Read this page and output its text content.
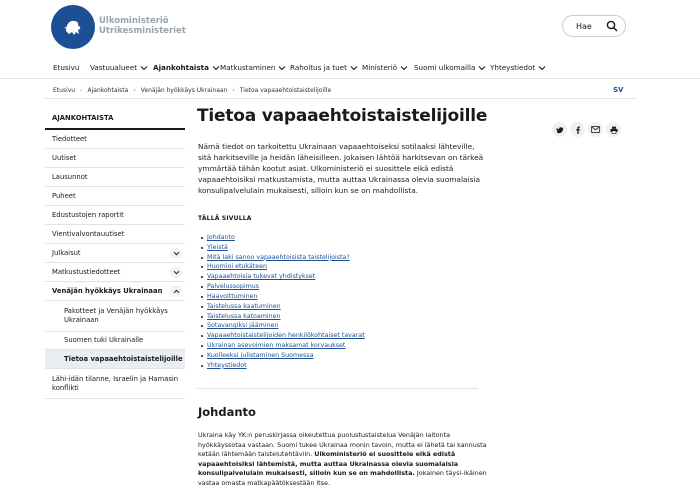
Ulkoministeriö
Utrikesministeriet	Hae
Etusivu Vastuualueet Ajankohtaista Matkustaminen Rahoitus ja tuet Ministeriö Suomi ulkomailla Yhteystiedot
Etusivu › Ajankohtaista › Venäjän hyökkäys Ukrainaan › Tietoa vapaaehtoistaistelijoille	SV
AJANKOHTAISTA
Tiedotteet
Uutiset
Lausunnot
Puheet
Edustustojen raportit
Vientivalvontauutiset
Julkaisut
Matkustustiedotteet
Venäjän hyökkäys Ukrainaan
Pakotteet ja Venäjän hyökkäys Ukrainaan
Suomen tuki Ukrainalle
Tietoa vapaaehtoistaistelijoille
Lähi-idän tilanne, Israelin ja Hamasin konflikti
Tietoa vapaaehtoistaistelijoille

Nämä tiedot on tarkoitettu Ukrainaan vapaaehtoiseksi sotilaaksi lähteville, sitä harkitseville ja heidän läheisilleen. Jokaisen lähtöä harkitsevan on tärkeä ymmärtää tähän kootut asiat. Ulkoministeriö ei suosittele eikä edistä vapaaehtoisiksi matkustamista, mutta auttaa Ukrainassa olevia suomalaisia konsulipalvelulain mukaisesti, silloin kun se on mahdollista.

TÄLLÄ SIVULLA
Johdanto
Yleistä
Mitä laki sanoo vapaaehtoisista taistelijoista?
Huomioi etukäteen
Vapaaehtoisia tukevat yhdistykset
Palvelussopimus
Haavoittuminen
Taistelussa kaatuminen
Taistelussa katoaminen
Sotavangiksi jääminen
Vapaaehtoistaistelijoiden henkilökohtaiset tavarat
Ukrainan asevoimien maksamat korvaukset
Kuolleeksi julistaminen Suomessa
Yhteystiedot
Johdanto

Ukraina käy YK:n peruskirjassa oikeutettua puolustustaistelua Venäjän laitonta hyökkäyssotaa vastaan. Suomi tukee Ukrainaa monin tavoin, mutta ei lähetä tai kannusta ketään lähtemään taistelutehtäviin. Ulkoministeriö ei suosittele eikä edistä vapaaehtoisiksi lähtemistä, mutta auttaa Ukrainassa olevia suomalaisia konsulipalvelulain mukaisesti, silloin kun se on mahdollista. Jokainen täysi-ikäinen vastaa omasta matkapäätöksestään itse.
